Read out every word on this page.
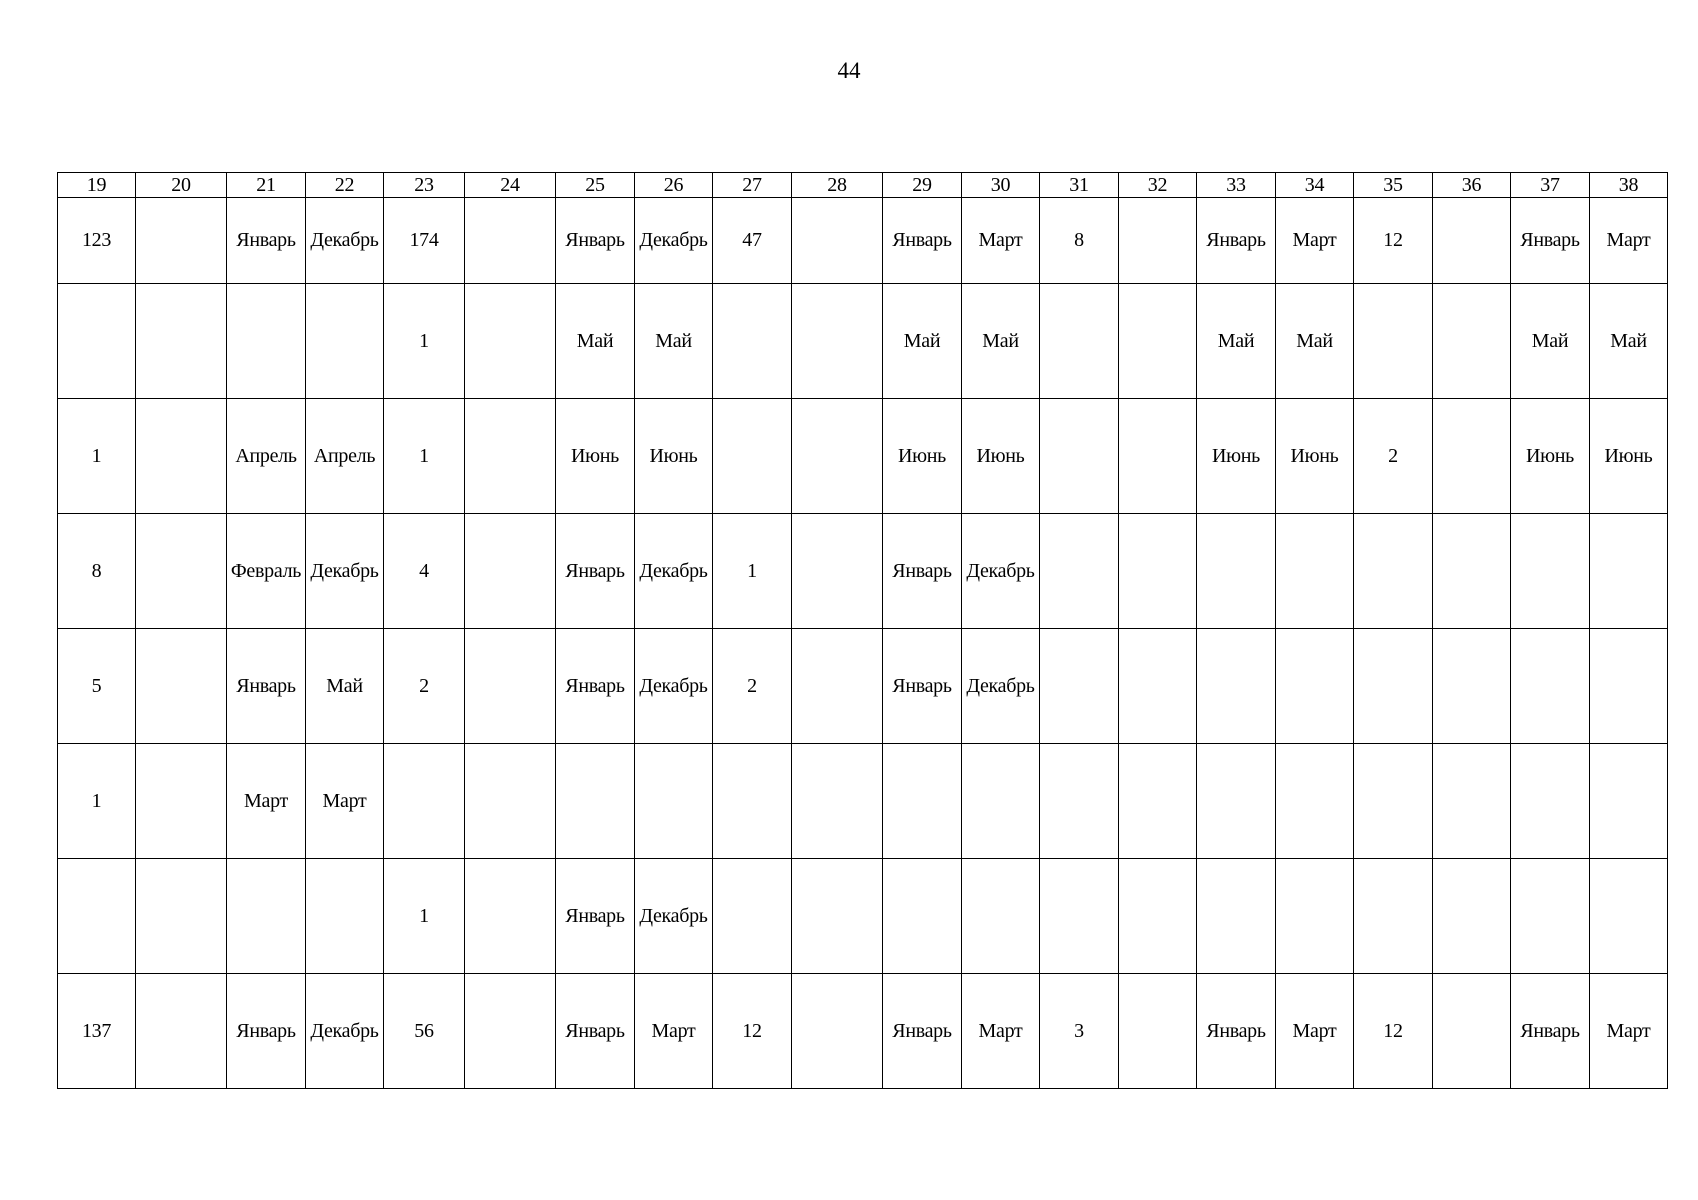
44
19	20	21	22	23	24	25	26	27	28	29	30	31	32	33	34	35	36	37	38
123		Январь	Декабрь	174		Январь	Декабрь	47		Январь	Март	8		Январь	Март	12		Январь	Март
				1		Май	Май			Май	Май			Май	Май			Май	Май
1		Апрель	Апрель	1		Июнь	Июнь			Июнь	Июнь			Июнь	Июнь	2		Июнь	Июнь
8		Февраль	Декабрь	4		Январь	Декабрь	1		Январь	Декабрь								
5		Январь	Май	2		Январь	Декабрь	2		Январь	Декабрь								
1		Март	Март																
				1		Январь	Декабрь												
137		Январь	Декабрь	56		Январь	Март	12		Январь	Март	3		Январь	Март	12		Январь	Март
